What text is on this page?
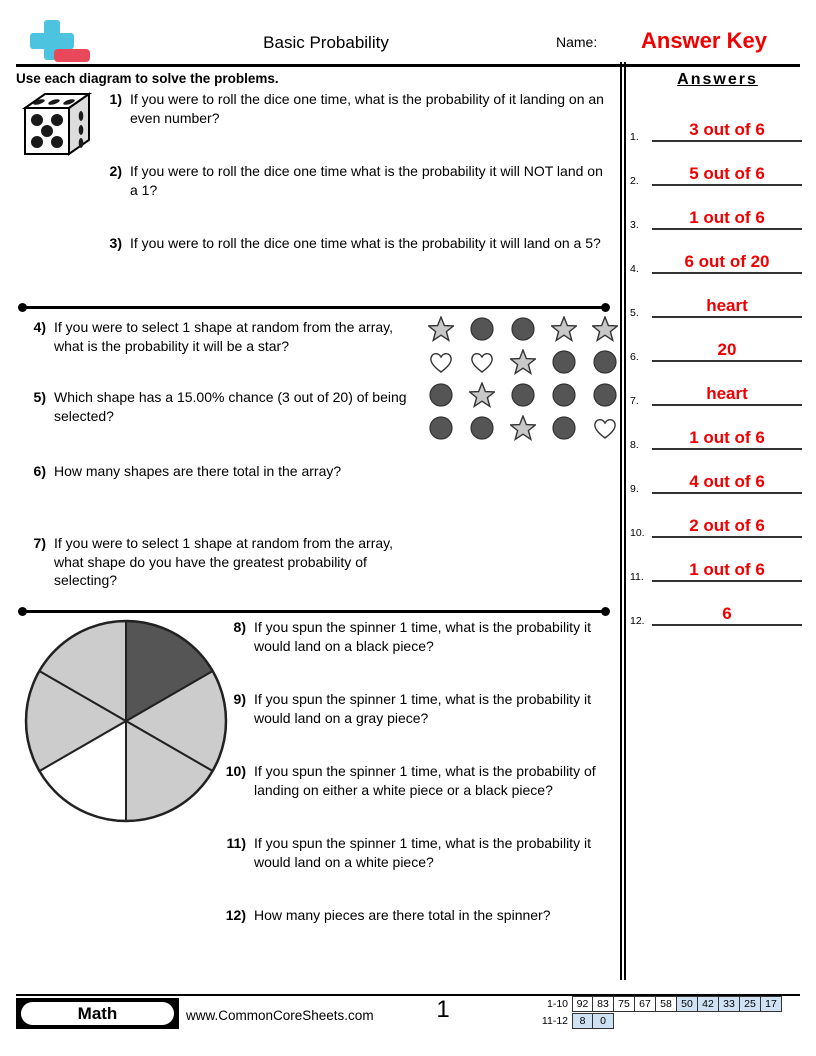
Basic Probability	Name: Answer Key
Use each diagram to solve the problems.
1) If you were to roll the dice one time, what is the probability of it landing on an even number?
2) If you were to roll the dice one time what is the probability it will NOT land on a 1?
3) If you were to roll the dice one time what is the probability it will land on a 5?
4) If you were to select 1 shape at random from the array, what is the probability it will be a star?
5) Which shape has a 15.00% chance (3 out of 20) of being selected?
6) How many shapes are there total in the array?
7) If you were to select 1 shape at random from the array, what shape do you have the greatest probability of selecting?
8) If you spun the spinner 1 time, what is the probability it would land on a black piece?
9) If you spun the spinner 1 time, what is the probability it would land on a gray piece?
10) If you spun the spinner 1 time, what is the probability of landing on either a white piece or a black piece?
11) If you spun the spinner 1 time, what is the probability it would land on a white piece?
12) How many pieces are there total in the spinner?
Answers
1.	3 out of 6
2.	5 out of 6
3.	1 out of 6
4.	6 out of 20
5.	heart
6.	20
7.	heart
8.	1 out of 6
9.	4 out of 6
10.	2 out of 6
11.	1 out of 6
12.	6
Math	www.CommonCoreSheets.com	1	1-10 92 83 75 67 58 50 42 33 25 17
11-12	8	0
